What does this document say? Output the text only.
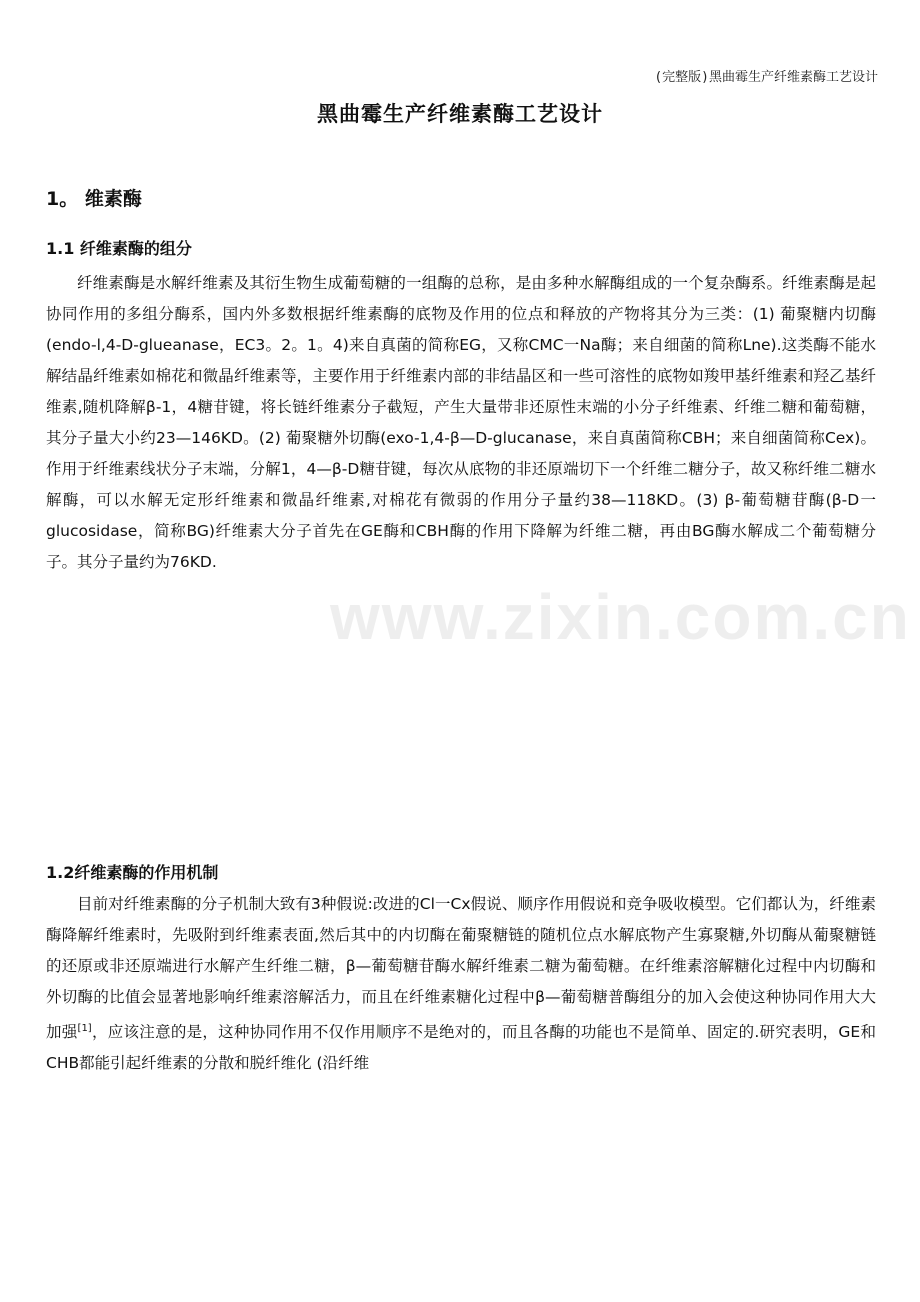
(完整版)黑曲霉生产纤维素酶工艺设计
黑曲霉生产纤维素酶工艺设计
1。 维素酶
1.1 纤维素酶的组分

纤维素酶是水解纤维素及其衍生物生成葡萄糖的一组酶的总称，是由多种水解酶组成的一个复杂酶系。纤维素酶是起协同作用的多组分酶系，国内外多数根据纤维素酶的底物及作用的位点和释放的产物将其分为三类：(1) 葡聚糖内切酶 (endo-l,4-D-glueanase，EC3。2。1。4)来自真菌的简称EG，又称CMC一Na酶；来自细菌的简称Lne).这类酶不能水解结晶纤维素如棉花和微晶纤维素等，主要作用于纤维素内部的非结晶区和一些可溶性的底物如羧甲基纤维素和羟乙基纤维素,随机降解β-1，4糖苷键，将长链纤维素分子截短，产生大量带非还原性末端的小分子纤维素、纤维二糖和葡萄糖，其分子量大小约23—146KD。(2) 葡聚糖外切酶(exo-1,4-β—D-glucanase，来自真菌简称CBH；来自细菌简称Cex)。作用于纤维素线状分子末端，分解1，4—β-D糖苷键，每次从底物的非还原端切下一个纤维二糖分子，故又称纤维二糖水解酶，可以水解无定形纤维素和微晶纤维素,对棉花有微弱的作用分子量约38—118KD。(3) β-葡萄糖苷酶(β-D一glucosidase，简称BG)纤维素大分子首先在GE酶和CBH酶的作用下降解为纤维二糖，再由BG酶水解成二个葡萄糖分子。其分子量约为76KD.

1.2纤维素酶的作用机制

目前对纤维素酶的分子机制大致有3种假说:改进的Cl一Cx假说、顺序作用假说和竞争吸收模型。它们都认为，纤维素酶降解纤维素时，先吸附到纤维素表面,然后其中的内切酶在葡聚糖链的随机位点水解底物产生寡聚糖,外切酶从葡聚糖链的还原或非还原端进行水解产生纤维二糖，β—葡萄糖苷酶水解纤维素二糖为葡萄糖。在纤维素溶解糖化过程中内切酶和外切酶的比值会显著地影响纤维素溶解活力，而且在纤维素糖化过程中β—葡萄糖普酶组分的加入会使这种协同作用大大加强[1]，应该注意的是，这种协同作用不仅作用顺序不是绝对的，而且各酶的功能也不是简单、固定的.研究表明，GE和CHB都能引起纤维素的分散和脱纤维化 (沿纤维

www.zixin.com.cn
